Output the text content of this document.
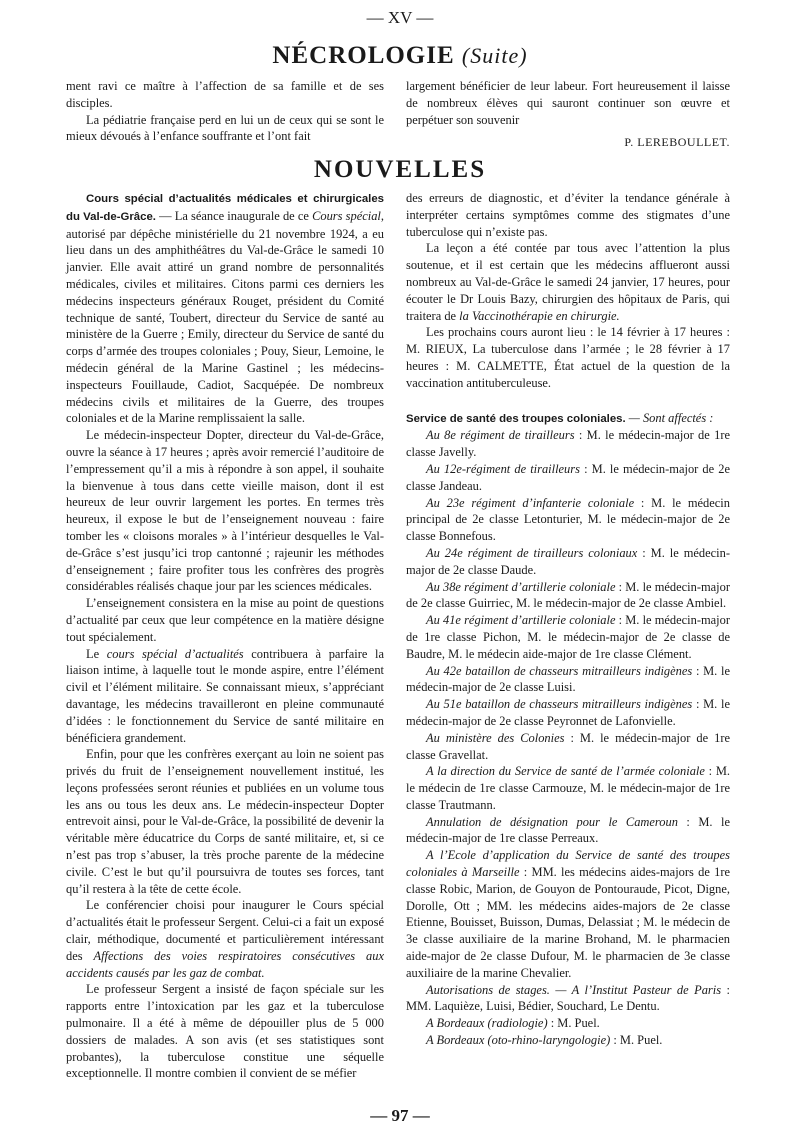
— XV —
NÉCROLOGIE (Suite)

ment ravi ce maître à l’affection de sa famille et de ses disciples.

La pédiatrie française perd en lui un de ceux qui se sont le mieux dévoués à l’enfance souffrante et l’ont fait

largement bénéficier de leur labeur. Fort heureusement il laisse de nombreux élèves qui sauront continuer son œuvre et perpétuer son souvenir

P. LEREBOULLET.

NOUVELLES

Cours spécial d’actualités médicales et chirurgicales du Val-de-Grâce. — La séance inaugurale de ce Cours spécial, autorisé par dépêche ministérielle du 21 novembre 1924, a eu lieu dans un des amphithéâtres du Val-de-Grâce le samedi 10 janvier. Elle avait attiré un grand nombre de personnalités médicales, civiles et militaires. Citons parmi ces derniers les médecins inspecteurs généraux Rouget, président du Comité technique de santé, Toubert, directeur du Service de santé au ministère de la Guerre ; Emily, directeur du Service de santé du corps d’armée des troupes coloniales ; Pouy, Sieur, Lemoine, le médecin général de la Marine Gastinel ; les médecins-inspecteurs Fouillaude, Cadiot, Sacquépée. De nombreux médecins civils et militaires de la Guerre, des troupes coloniales et de la Marine remplissaient la salle.

Le médecin-inspecteur Dopter, directeur du Val-de-Grâce, ouvre la séance à 17 heures ; après avoir remercié l’auditoire de l’empressement qu’il a mis à répondre à son appel, il souhaite la bienvenue à tous dans cette vieille maison, dont il est heureux de leur ouvrir largement les portes. En termes très heureux, il expose le but de l’enseignement nouveau : faire tomber les « cloisons morales » à l’intérieur desquelles le Val-de-Grâce s’est jusqu’ici trop cantonné ; rajeunir les méthodes d’enseignement ; faire profiter tous les confrères des progrès considérables réalisés chaque jour par les sciences médicales.

L’enseignement consistera en la mise au point de questions d’actualité par ceux que leur compétence en la matière désigne tout spécialement.

Le cours spécial d’actualités contribuera à parfaire la liaison intime, à laquelle tout le monde aspire, entre l’élément civil et l’élément militaire. Se connaissant mieux, s’appréciant davantage, les médecins travailleront en pleine communauté d’idées : le fonctionnement du Service de santé militaire en bénéficiera grandement.

Enfin, pour que les confrères exerçant au loin ne soient pas privés du fruit de l’enseignement nouvellement institué, les leçons professées seront réunies et publiées en un volume tous les ans ou tous les deux ans. Le médecin-inspecteur Dopter entrevoit ainsi, pour le Val-de-Grâce, la possibilité de devenir la véritable mère éducatrice du Corps de santé militaire, et, si ce n’est pas trop s’abuser, la très proche parente de la médecine civile. C’est le but qu’il poursuivra de toutes ses forces, tant qu’il restera à la tête de cette école.

Le conférencier choisi pour inaugurer le Cours spécial d’actualités était le professeur Sergent. Celui-ci a fait un exposé clair, méthodique, documenté et particulièrement intéressant des Affections des voies respiratoires consécutives aux accidents causés par les gaz de combat.

Le professeur Sergent a insisté de façon spéciale sur les rapports entre l’intoxication par les gaz et la tuberculose pulmonaire. Il a été à même de dépouiller plus de 5 000 dossiers de malades. A son avis (et ses statistiques sont probantes), la tuberculose constitue une séquelle exceptionnelle. Il montre combien il convient de se méfier

des erreurs de diagnostic, et d’éviter la tendance générale à interpréter certains symptômes comme des stigmates d’une tuberculose qui n’existe pas.

La leçon a été contée par tous avec l’attention la plus soutenue, et il est certain que les médecins afflueront aussi nombreux au Val-de-Grâce le samedi 24 janvier, 17 heures, pour écouter le Dr Louis Bazy, chirurgien des hôpitaux de Paris, qui traitera de la Vaccinothérapie en chirurgie.

Les prochains cours auront lieu : le 14 février à 17 heures : M. RIEUX, La tuberculose dans l’armée ; le 28 février à 17 heures : M. CALMETTE, État actuel de la question de la vaccination antituberculeuse.

Service de santé des troupes coloniales. — Sont affectés :

Au 8e régiment de tirailleurs : M. le médecin-major de 1re classe Javelly.

Au 12e-régiment de tirailleurs : M. le médecin-major de 2e classe Jandeau.

Au 23e régiment d’infanterie coloniale : M. le médecin principal de 2e classe Letonturier, M. le médecin-major de 2e classe Bonnefous.

Au 24e régiment de tirailleurs coloniaux : M. le médecin-major de 2e classe Daude.

Au 38e régiment d’artillerie coloniale : M. le médecin-major de 2e classe Guirriec, M. le médecin-major de 2e classe Ambiel.

Au 41e régiment d’artillerie coloniale : M. le médecin-major de 1re classe Pichon, M. le médecin-major de 2e classe de Baudre, M. le médecin aide-major de 1re classe Clément.

Au 42e bataillon de chasseurs mitrailleurs indigènes : M. le médecin-major de 2e classe Luisi.

Au 51e bataillon de chasseurs mitrailleurs indigènes : M. le médecin-major de 2e classe Peyronnet de Lafonvielle.

Au ministère des Colonies : M. le médecin-major de 1re classe Gravellat.

A la direction du Service de santé de l’armée coloniale : M. le médecin de 1re classe Carmouze, M. le médecin-major de 1re classe Trautmann.

Annulation de désignation pour le Cameroun : M. le médecin-major de 1re classe Perreaux.

A l’Ecole d’application du Service de santé des troupes coloniales à Marseille : MM. les médecins aides-majors de 1re classe Robic, Marion, de Gouyon de Pontouraude, Picot, Digne, Dorolle, Ott ; MM. les médecins aides-majors de 2e classe Etienne, Bouisset, Buisson, Dumas, Delassiat ; M. le médecin de 3e classe auxiliaire de la marine Brohand, M. le pharmacien aide-major de 2e classe Dufour, M. le pharmacien de 3e classe auxiliaire de la marine Chevalier.

Autorisations de stages. — A l’Institut Pasteur de Paris : MM. Laquièze, Luisi, Bédier, Souchard, Le Dentu.

A Bordeaux (radiologie) : M. Puel.

A Bordeaux (oto-rhino-laryngologie) : M. Puel.

— 97 —
